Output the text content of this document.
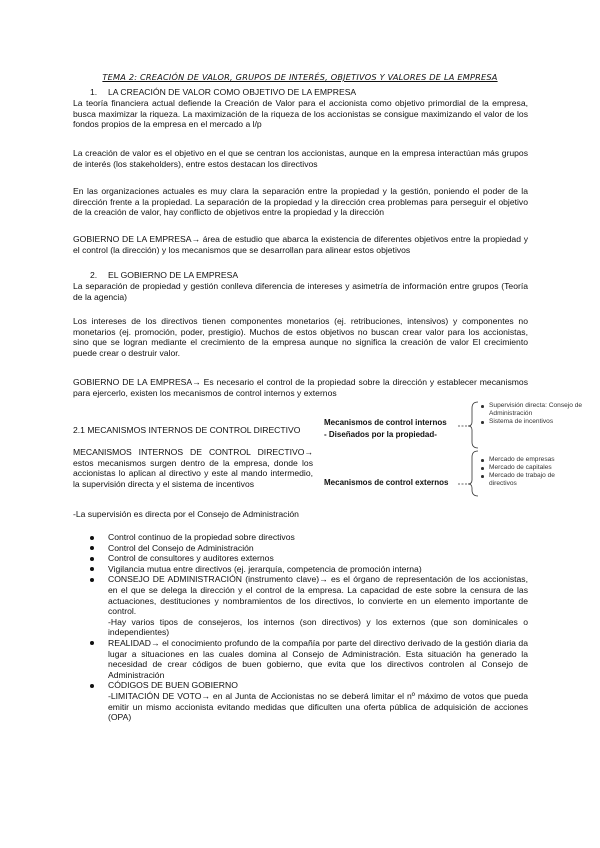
TEMA 2: CREACIÓN DE VALOR, GRUPOS DE INTERÉS, OBJETIVOS Y VALORES DE LA EMPRESA
1. LA CREACIÓN DE VALOR COMO OBJETIVO DE LA EMPRESA

La teoría financiera actual defiende la Creación de Valor para el accionista como objetivo primordial de la empresa, busca maximizar la riqueza. La maximización de la riqueza de los accionistas se consigue maximizando el valor de los fondos propios de la empresa en el mercado a l/p

La creación de valor es el objetivo en el que se centran los accionistas, aunque en la empresa interactúan más grupos de interés (los stakeholders), entre estos destacan los directivos

En las organizaciones actuales es muy clara la separación entre la propiedad y la gestión, poniendo el poder de la dirección frente a la propiedad. La separación de la propiedad y la dirección crea problemas para perseguir el objetivo de la creación de valor, hay conflicto de objetivos entre la propiedad y la dirección

GOBIERNO DE LA EMPRESA→ área de estudio que abarca la existencia de diferentes objetivos entre la propiedad y el control (la dirección) y los mecanismos que se desarrollan para alinear estos objetivos

2. EL GOBIERNO DE LA EMPRESA

La separación de propiedad y gestión conlleva diferencia de intereses y asimetría de información entre grupos (Teoría de la agencia)

Los intereses de los directivos tienen componentes monetarios (ej. retribuciones, intensivos) y componentes no monetarios (ej. promoción, poder, prestigio). Muchos de estos objetivos no buscan crear valor para los accionistas, sino que se logran mediante el crecimiento de la empresa aunque no significa la creación de valor El crecimiento puede crear o destruir valor.

GOBIERNO DE LA EMPRESA→ Es necesario el control de la propiedad sobre la dirección y establecer mecanismos para ejercerlo, existen los mecanismos de control internos y externos

2.1 MECANISMOS INTERNOS DE CONTROL DIRECTIVO

MECANISMOS INTERNOS DE CONTROL DIRECTIVO→ estos mecanismos surgen dentro de la empresa, donde los accionistas lo aplican al directivo y este al mando intermedio, la supervisión directa y el sistema de incentivos

-La supervisión es directa por el Consejo de Administración

Mecanismos de control internos
- Diseñados por la propiedad-
Supervisión directa: Consejo de Administración
Sistema de incentivos
Mecanismos de control externos
Mercado de empresas
Mercado de capitales
Mercado de trabajo de directivos
Control continuo de la propiedad sobre directivos
Control del Consejo de Administración
Control de consultores y auditores externos
Vigilancia mutua entre directivos (ej. jerarquía, competencia de promoción interna)
CONSEJO DE ADMINISTRACIÓN (instrumento clave)→ es el órgano de representación de los accionistas, en el que se delega la dirección y el control de la empresa. La capacidad de este sobre la censura de las actuaciones, destituciones y nombramientos de los directivos, lo convierte en un elemento importante de control.
-Hay varios tipos de consejeros, los internos (son directivos) y los externos (que son dominicales o independientes)
REALIDAD→ el conocimiento profundo de la compañía por parte del directivo derivado de la gestión diaria da lugar a situaciones en las cuales domina al Consejo de Administración. Esta situación ha generado la necesidad de crear códigos de buen gobierno, que evita que los directivos controlen al Consejo de Administración
CÓDIGOS DE BUEN GOBIERNO
-LIMITACIÓN DE VOTO→ en al Junta de Accionistas no se deberá limitar el nº máximo de votos que pueda emitir un mismo accionista evitando medidas que dificulten una oferta pública de adquisición de acciones (OPA)
